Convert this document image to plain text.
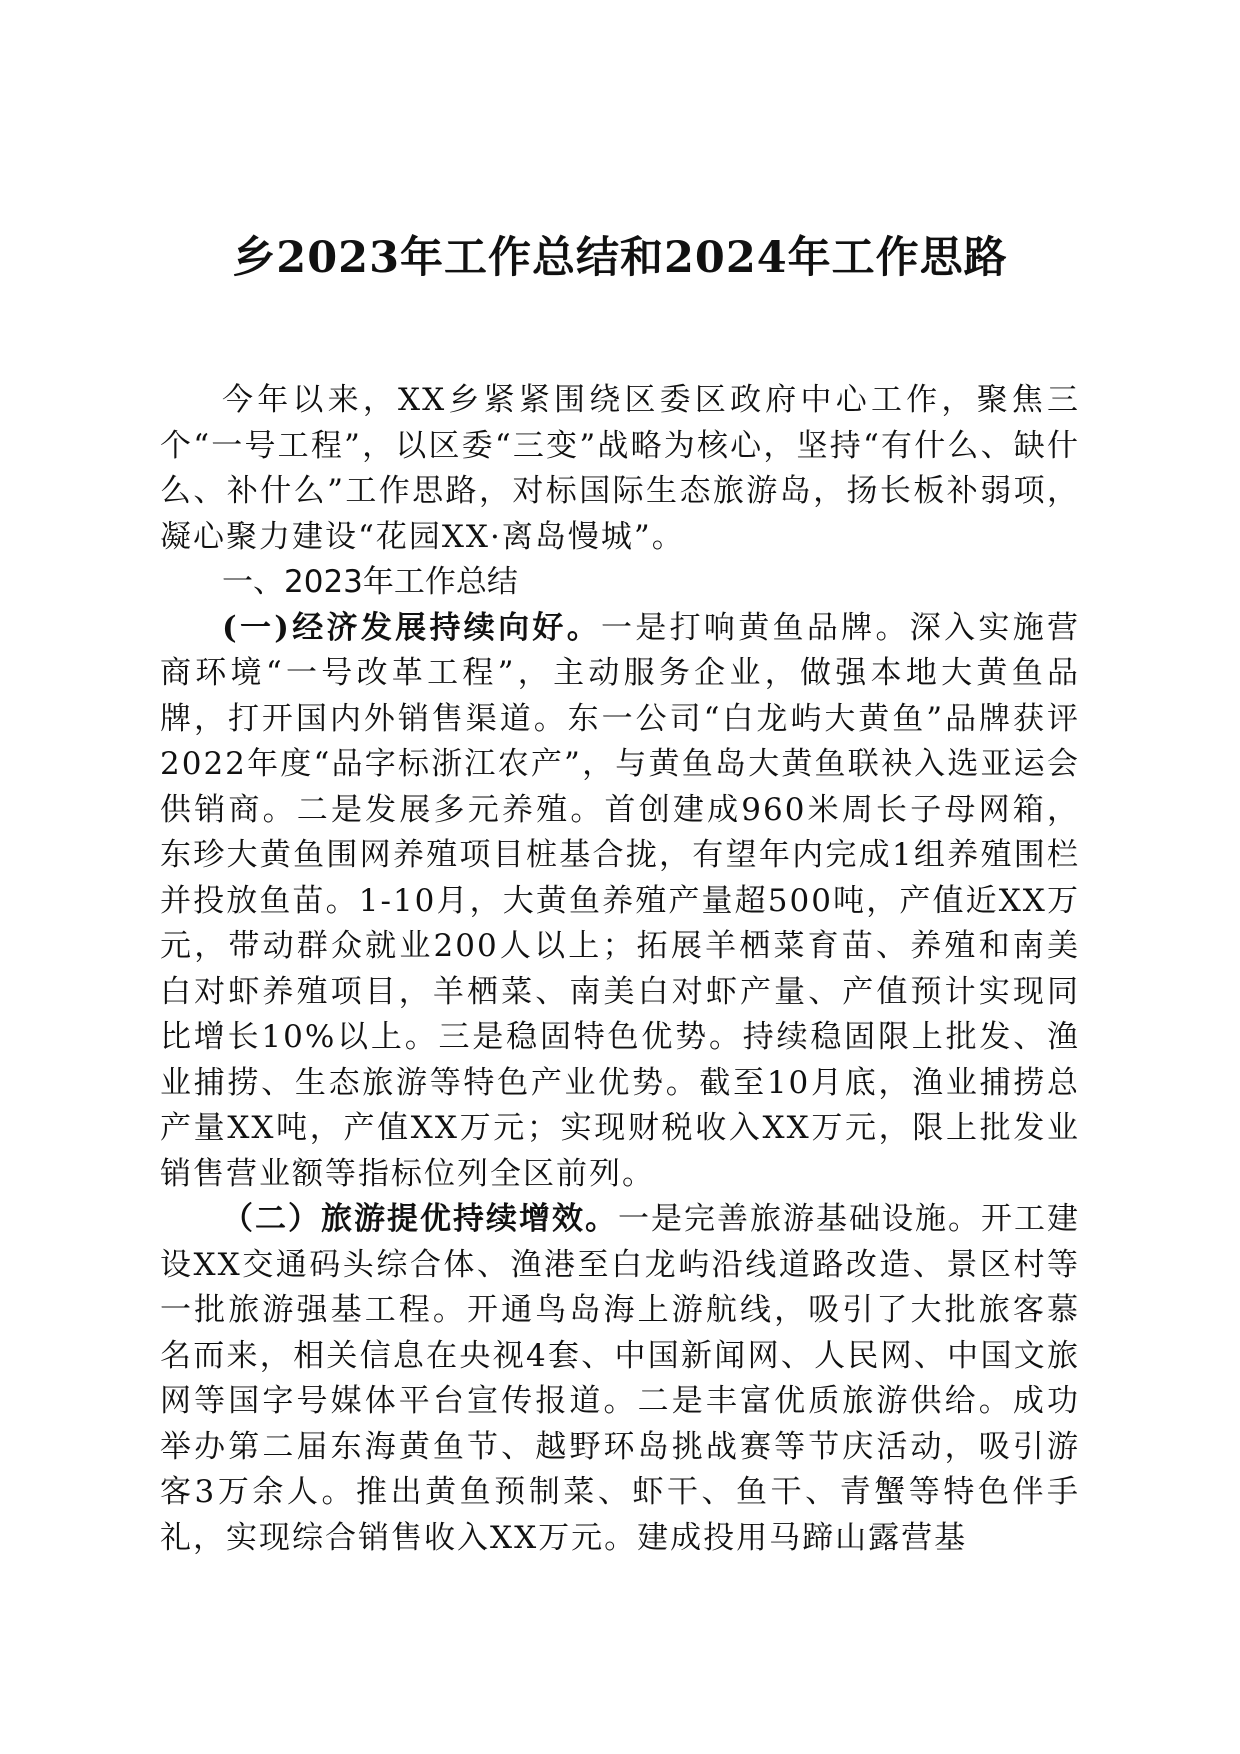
乡2023年工作总结和2024年工作思路

今年以来，XX乡紧紧围绕区委区政府中心工作，聚焦三个“一号工程”，以区委“三变”战略为核心，坚持“有什么、缺什么、补什么”工作思路，对标国际生态旅游岛，扬长板补弱项，凝心聚力建设“花园XX·离岛慢城”。

一、2023年工作总结

(一)经济发展持续向好。一是打响黄鱼品牌。深入实施营商环境“一号改革工程”，主动服务企业，做强本地大黄鱼品牌，打开国内外销售渠道。东一公司“白龙屿大黄鱼”品牌获评2022年度“品字标浙江农产”，与黄鱼岛大黄鱼联袂入选亚运会供销商。二是发展多元养殖。首创建成960米周长子母网箱，东珍大黄鱼围网养殖项目桩基合拢，有望年内完成1组养殖围栏并投放鱼苗。1-10月，大黄鱼养殖产量超500吨，产值近XX万元，带动群众就业200人以上；拓展羊栖菜育苗、养殖和南美白对虾养殖项目，羊栖菜、南美白对虾产量、产值预计实现同比增长10%以上。三是稳固特色优势。持续稳固限上批发、渔业捕捞、生态旅游等特色产业优势。截至10月底，渔业捕捞总产量XX吨，产值XX万元；实现财税收入XX万元，限上批发业销售营业额等指标位列全区前列。

（二）旅游提优持续增效。一是完善旅游基础设施。开工建设XX交通码头综合体、渔港至白龙屿沿线道路改造、景区村等一批旅游强基工程。开通鸟岛海上游航线，吸引了大批旅客慕名而来，相关信息在央视4套、中国新闻网、人民网、中国文旅网等国字号媒体平台宣传报道。二是丰富优质旅游供给。成功举办第二届东海黄鱼节、越野环岛挑战赛等节庆活动，吸引游客3万余人。推出黄鱼预制菜、虾干、鱼干、青蟹等特色伴手礼，实现综合销售收入XX万元。建成投用马蹄山露营基
